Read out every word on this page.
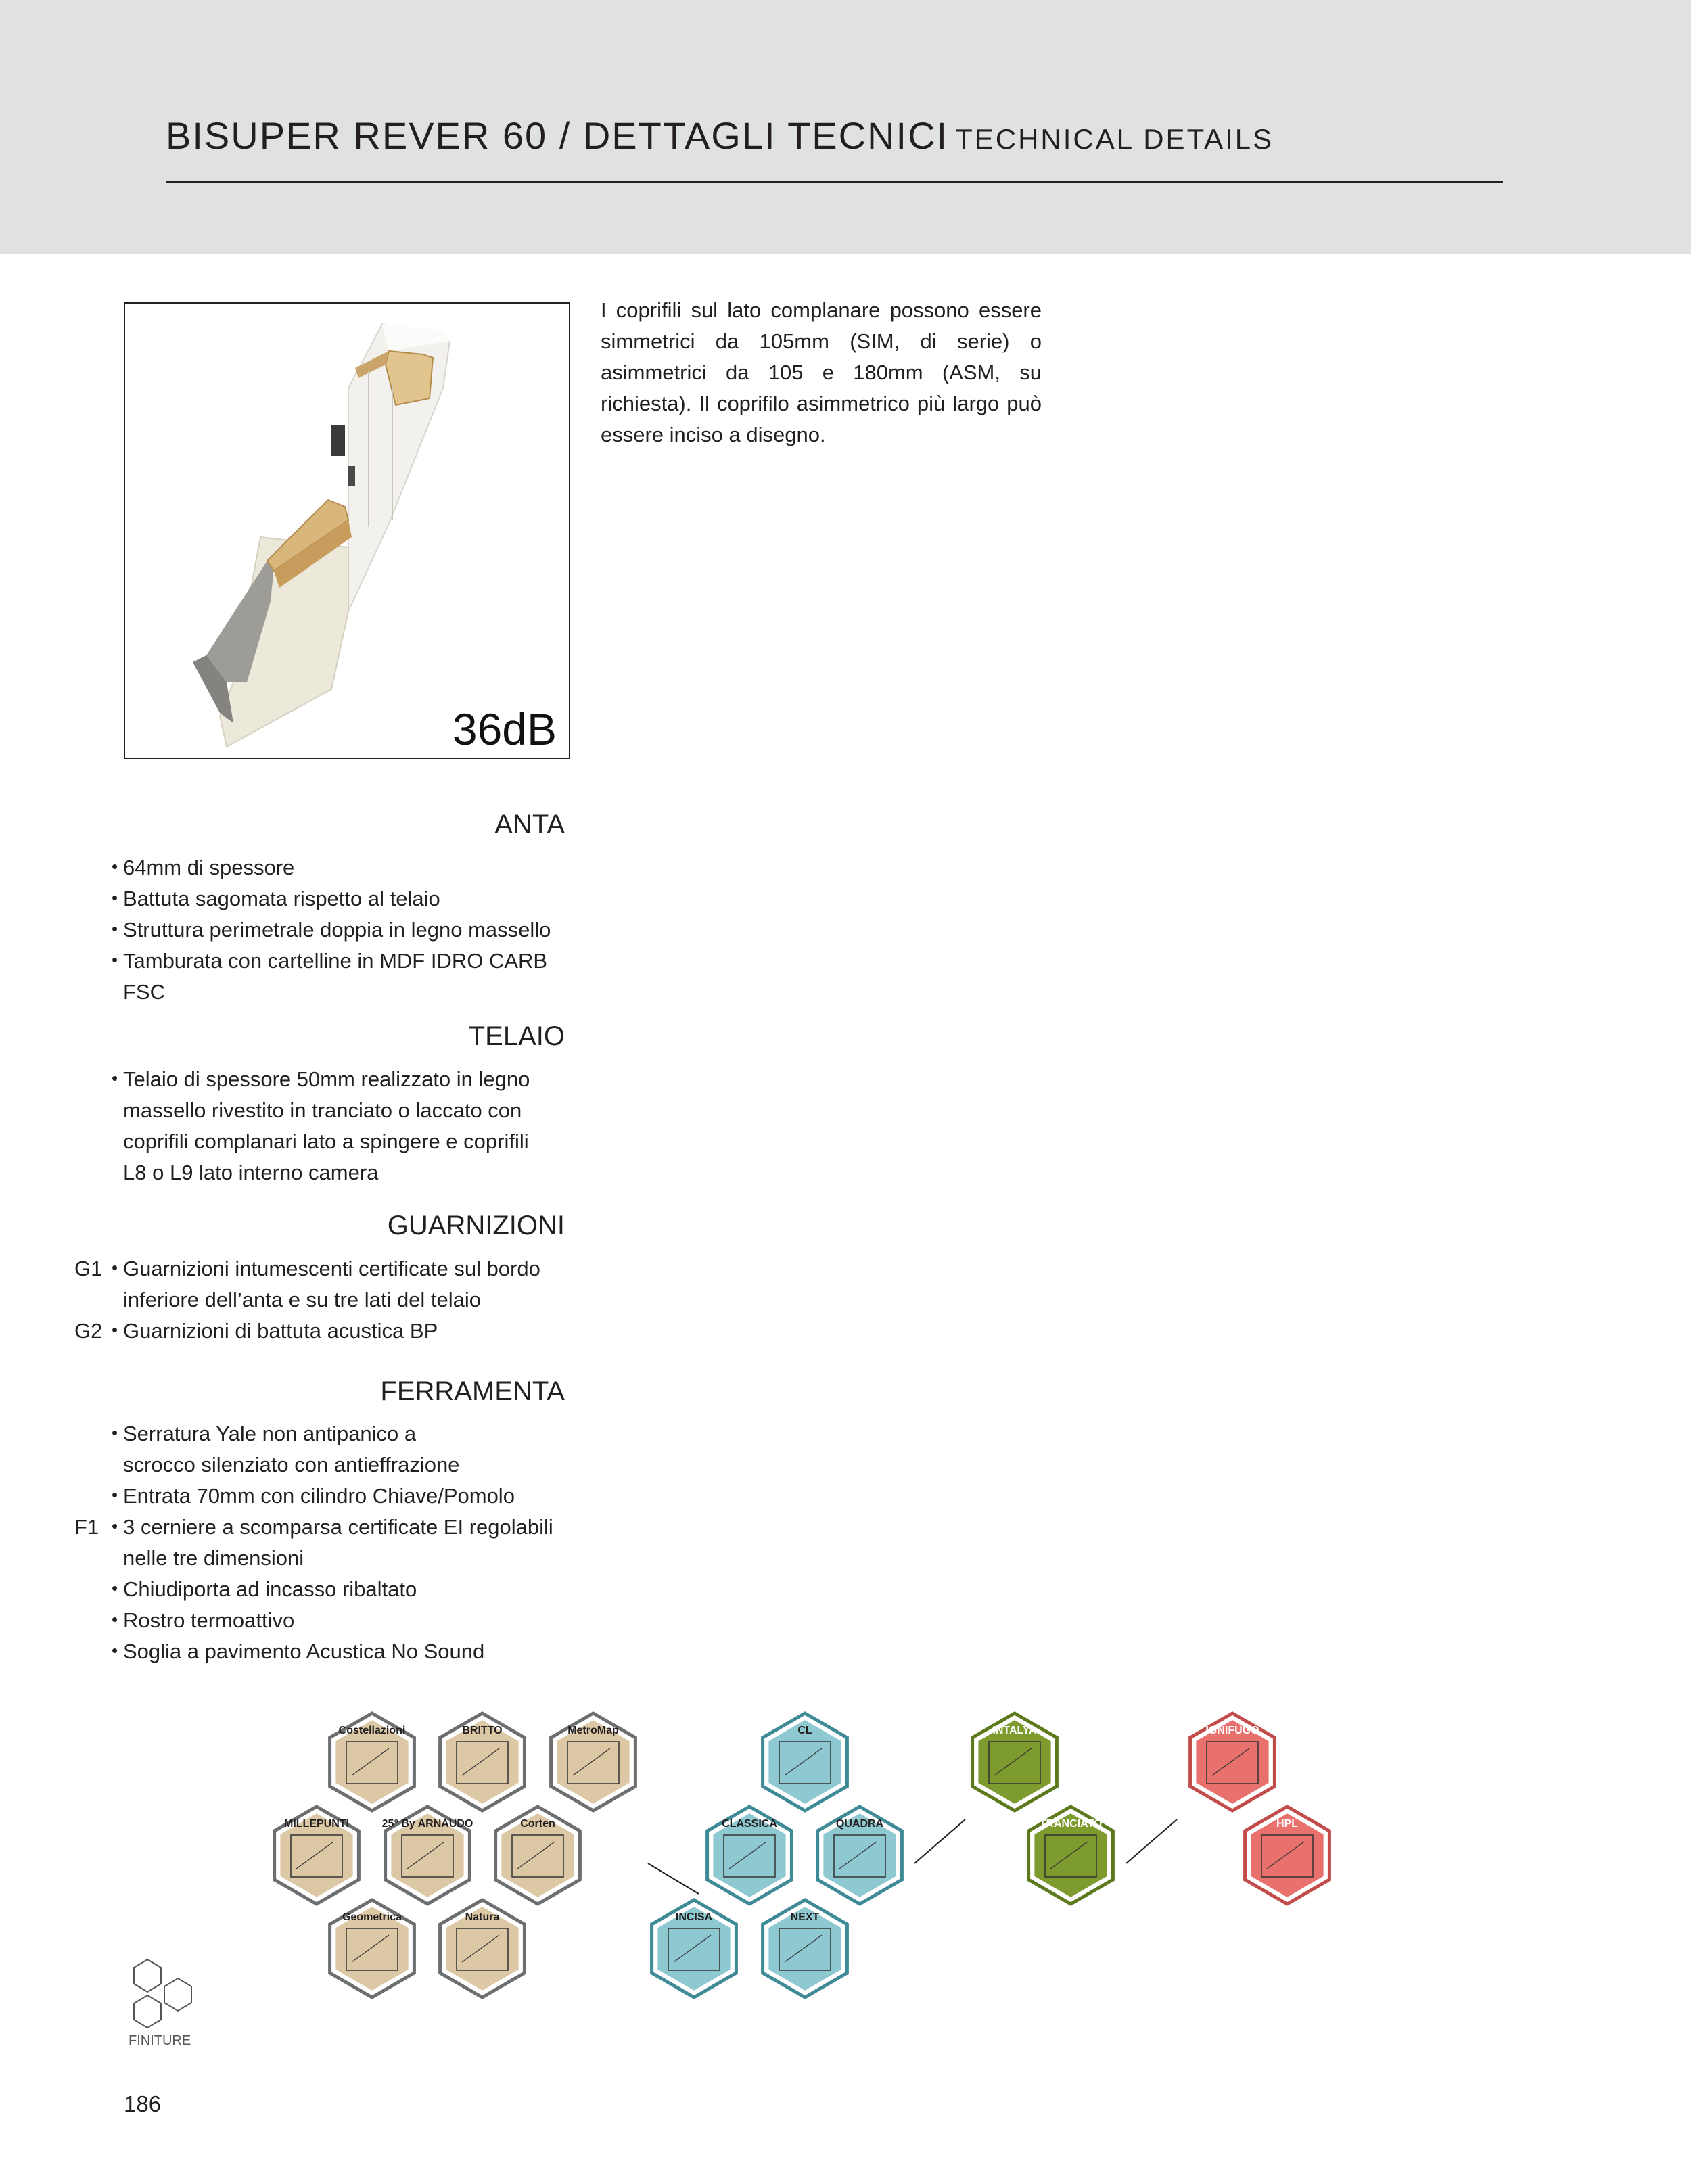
BISUPER REVER 60 / DETTAGLI TECNICI TECHNICAL DETAILS
36dB

I coprifili sul lato complanare possono essere simmetrici da 105mm (SIM, di serie) o asimmetrici da 105 e 180mm (ASM, su richiesta). Il coprifilo asimmetrico più largo può essere inciso a disegno.

ANTA
• 64mm di spessore
• Battuta sagomata rispetto al telaio
• Struttura perimetrale doppia in legno massello
• Tamburata con cartelline in MDF IDRO CARB
FSC
TELAIO
• Telaio di spessore 50mm realizzato in legno
massello rivestito in tranciato o laccato con
coprifili complanari lato a spingere e coprifili
L8 o L9 lato interno camera
GUARNIZIONI
G1 • Guarnizioni intumescenti certificate sul bordo
inferiore dell’anta e su tre lati del telaio
G2 • Guarnizioni di battuta acustica BP
FERRAMENTA
• Serratura Yale non antipanico a
scrocco silenziato con antieffrazione
• Entrata 70mm con cilindro Chiave/Pomolo
F1 • 3 cerniere a scomparsa certificate EI regolabili
nelle tre dimensioni
• Chiudiporta ad incasso ribaltato
• Rostro termoattivo
• Soglia a pavimento Acustica No Sound
Costellazioni	BRITTO	MetroMap
MILLEPUNTI	25° By ARNAUDO	Corten
Geometrica	Natura
CL
CLASSICA	QUADRA
INCISA	NEXT
INTALYA
TRANCIATO
IGNIFUGO
HPL
FINITURE
186
